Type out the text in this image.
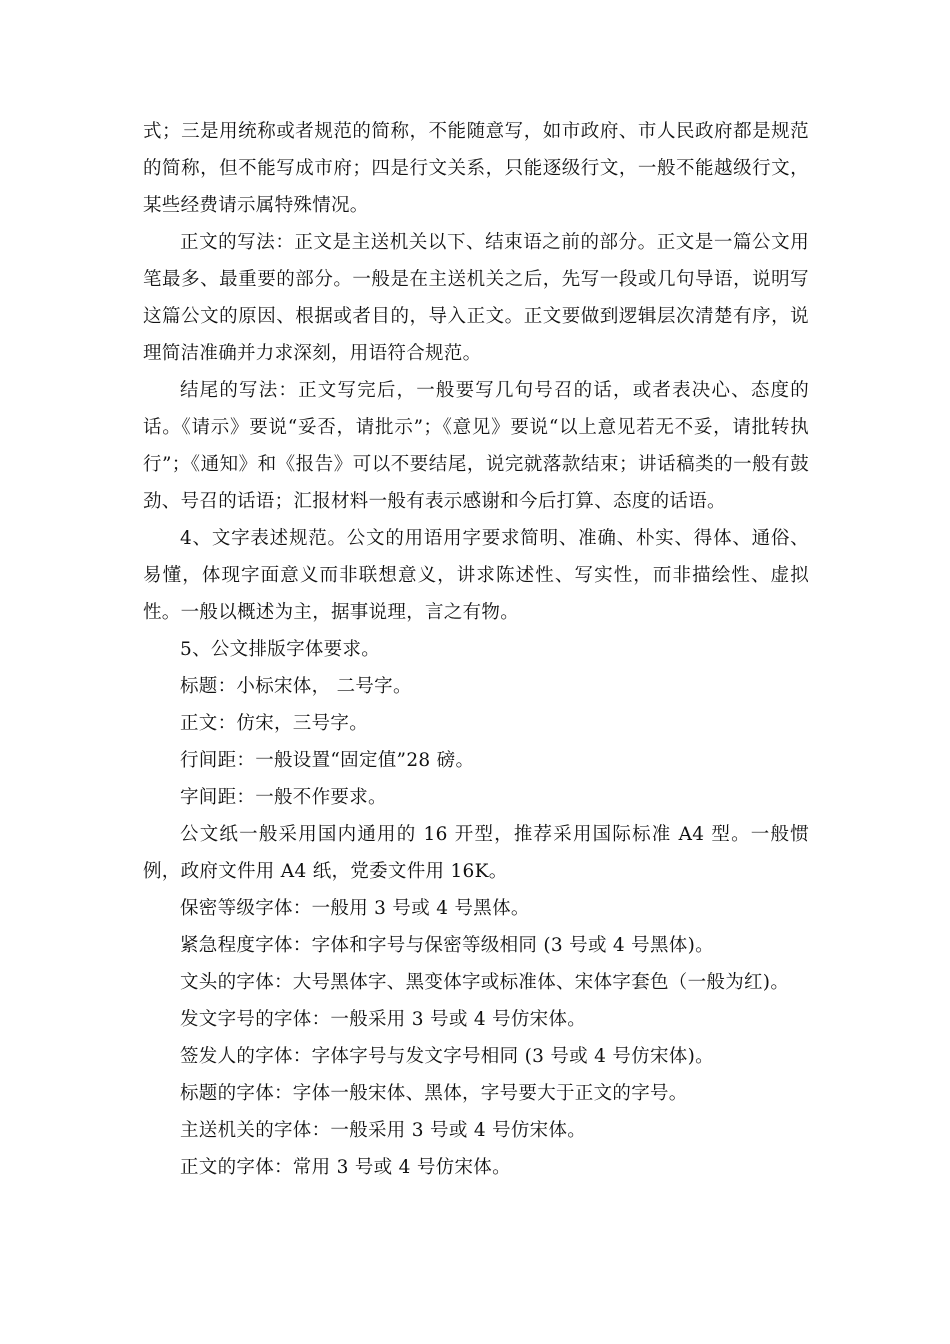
式；三是用统称或者规范的简称，不能随意写，如市政府、市人民政府都是规范的简称，但不能写成市府；四是行文关系，只能逐级行文，一般不能越级行文，某些经费请示属特殊情况。

正文的写法：正文是主送机关以下、结束语之前的部分。正文是一篇公文用笔最多、最重要的部分。一般是在主送机关之后，先写一段或几句导语，说明写这篇公文的原因、根据或者目的，导入正文。正文要做到逻辑层次清楚有序，说理简洁准确并力求深刻，用语符合规范。

结尾的写法：正文写完后，一般要写几句号召的话，或者表决心、态度的话。《请示》要说“妥否，请批示”；《意见》要说“以上意见若无不妥，请批转执行”；《通知》和《报告》可以不要结尾，说完就落款结束；讲话稿类的一般有鼓劲、号召的话语；汇报材料一般有表示感谢和今后打算、态度的话语。

4、文字表述规范。公文的用语用字要求简明、准确、朴实、得体、通俗、易懂，体现字面意义而非联想意义，讲求陈述性、写实性，而非描绘性、虚拟性。一般以概述为主，据事说理，言之有物。

5、公文排版字体要求。

标题：小标宋体， 二号字。

正文：仿宋，三号字。

行间距：一般设置“固定值”28 磅。

字间距：一般不作要求。

公文纸一般采用国内通用的 16 开型，推荐采用国际标准 A4 型。一般惯例，政府文件用 A4 纸，党委文件用 16K。

保密等级字体：一般用 3 号或 4 号黑体。

紧急程度字体：字体和字号与保密等级相同 (3 号或 4 号黑体)。

文头的字体：大号黑体字、黑变体字或标准体、宋体字套色（一般为红)。

发文字号的字体：一般采用 3 号或 4 号仿宋体。

签发人的字体：字体字号与发文字号相同 (3 号或 4 号仿宋体)。

标题的字体：字体一般宋体、黑体，字号要大于正文的字号。

主送机关的字体：一般采用 3 号或 4 号仿宋体。

正文的字体：常用 3 号或 4 号仿宋体。
